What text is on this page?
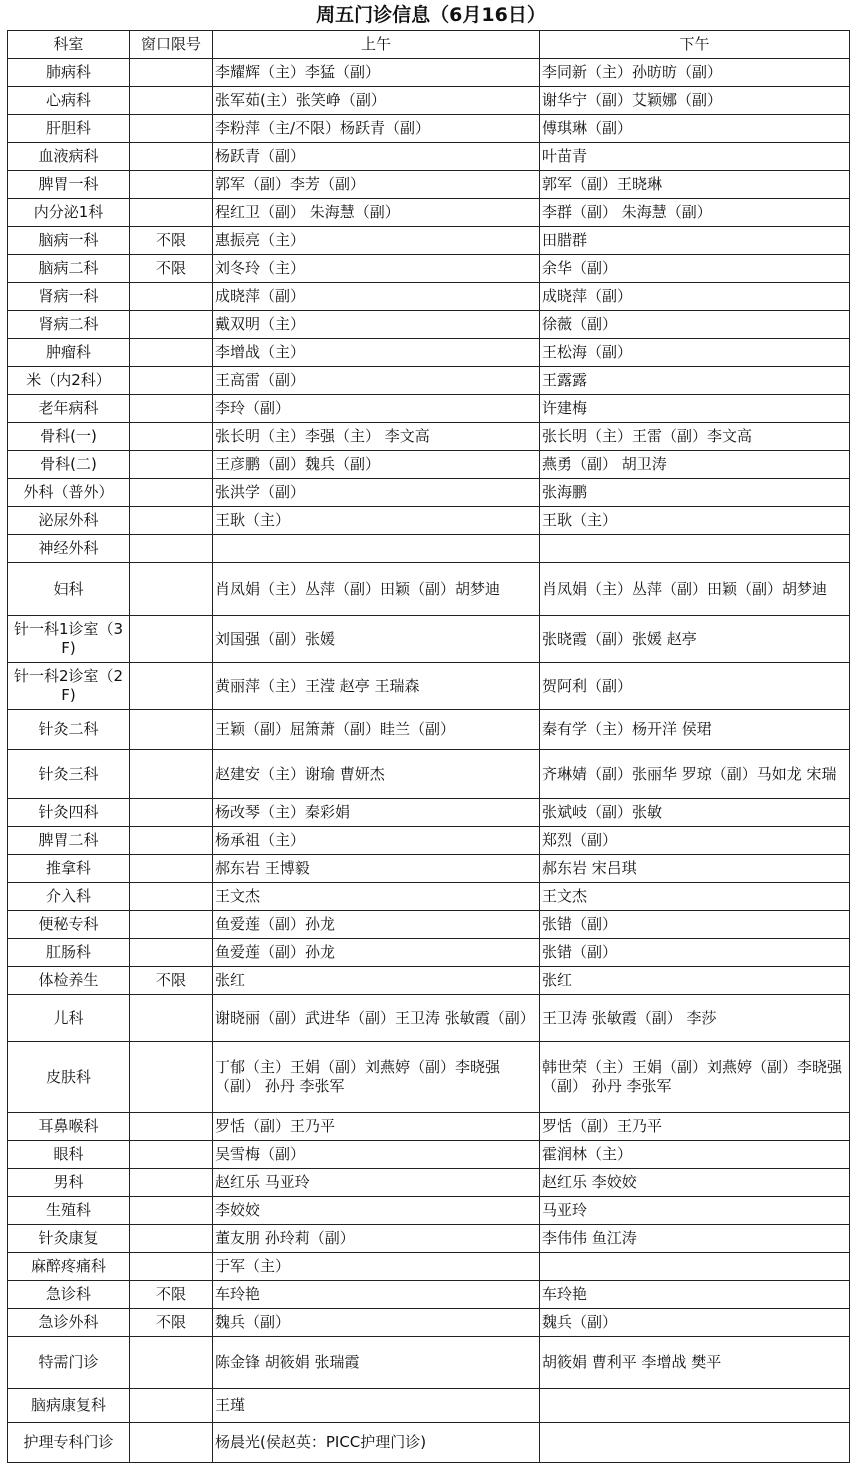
周五门诊信息（6月16日）
科室	窗口限号	上午	下午
肺病科		李耀辉（主）李猛（副）	李同新（主）孙昉昉（副）
心病科		张军茹(主）张笑峥（副）	谢华宁（副）艾颖娜（副）
肝胆科		李粉萍（主/不限）杨跃青（副）	傅琪琳（副）
血液病科		杨跃青（副）	叶苗青
脾胃一科		郭军（副）李芳（副）	郭军（副）王晓琳
内分泌1科		程红卫（副） 朱海慧（副）	李群（副） 朱海慧（副）
脑病一科	不限	惠振亮（主）	田腊群
脑病二科	不限	刘冬玲（主）	余华（副）
肾病一科		成晓萍（副）	成晓萍（副）
肾病二科		戴双明（主）	徐薇（副）
肿瘤科		李增战（主）	王松海（副）
米（内2科）		王高雷（副）	王露露
老年病科		李玲（副）	许建梅
骨科(一)		张长明（主）李强（主） 李文高	张长明（主）王雷（副）李文高
骨科(二)		王彦鹏（副）魏兵（副）	燕勇（副） 胡卫涛
外科（普外）		张洪学（副）	张海鹏
泌尿外科		王耿（主）	王耿（主）
神经外科			
妇科		肖凤娟（主）丛萍（副）田颖（副）胡梦迪	肖凤娟（主）丛萍（副）田颖（副）胡梦迪
针一科1诊室（3F)		刘国强（副）张媛	张晓霞（副）张媛 赵亭
针一科2诊室（2F)		黄丽萍（主）王滢 赵亭 王瑞森	贺阿利（副）
针灸二科		王颖（副）屈箫萧（副）眭兰（副）	秦有学（主）杨开洋 侯珺
针灸三科		赵建安（主）谢瑜 曹妍杰	齐琳婧（副）张丽华 罗琼（副）马如龙 宋瑞
针灸四科		杨改琴（主）秦彩娟	张斌岐（副）张敏
脾胃二科		杨承祖（主）	郑烈（副）
推拿科		郝东岩 王博毅	郝东岩 宋吕琪
介入科		王文杰	王文杰
便秘专科		鱼爱莲（副）孙龙	张错（副）
肛肠科		鱼爱莲（副）孙龙	张错（副）
体检养生	不限	张红	张红
儿科		谢晓丽（副）武进华（副）王卫涛 张敏霞（副）	王卫涛 张敏霞（副） 李莎
皮肤科		丁郁（主）王娟（副）刘燕婷（副）李晓强（副） 孙丹 李张军	韩世荣（主）王娟（副）刘燕婷（副）李晓强（副） 孙丹 李张军
耳鼻喉科		罗恬（副）王乃平	罗恬（副）王乃平
眼科		吴雪梅（副）	霍润林（主）
男科		赵红乐 马亚玲	赵红乐 李姣姣
生殖科		李姣姣	马亚玲
针灸康复		董友朋 孙玲莉（副）	李伟伟 鱼江涛
麻醉疼痛科		于军（主）	
急诊科	不限	车玲艳	车玲艳
急诊外科	不限	魏兵（副）	魏兵（副）
特需门诊		陈金锋 胡筱娟 张瑞霞	胡筱娟 曹利平 李增战 樊平
脑病康复科		王瑾	
护理专科门诊		杨晨光(侯赵英：PICC护理门诊)	
